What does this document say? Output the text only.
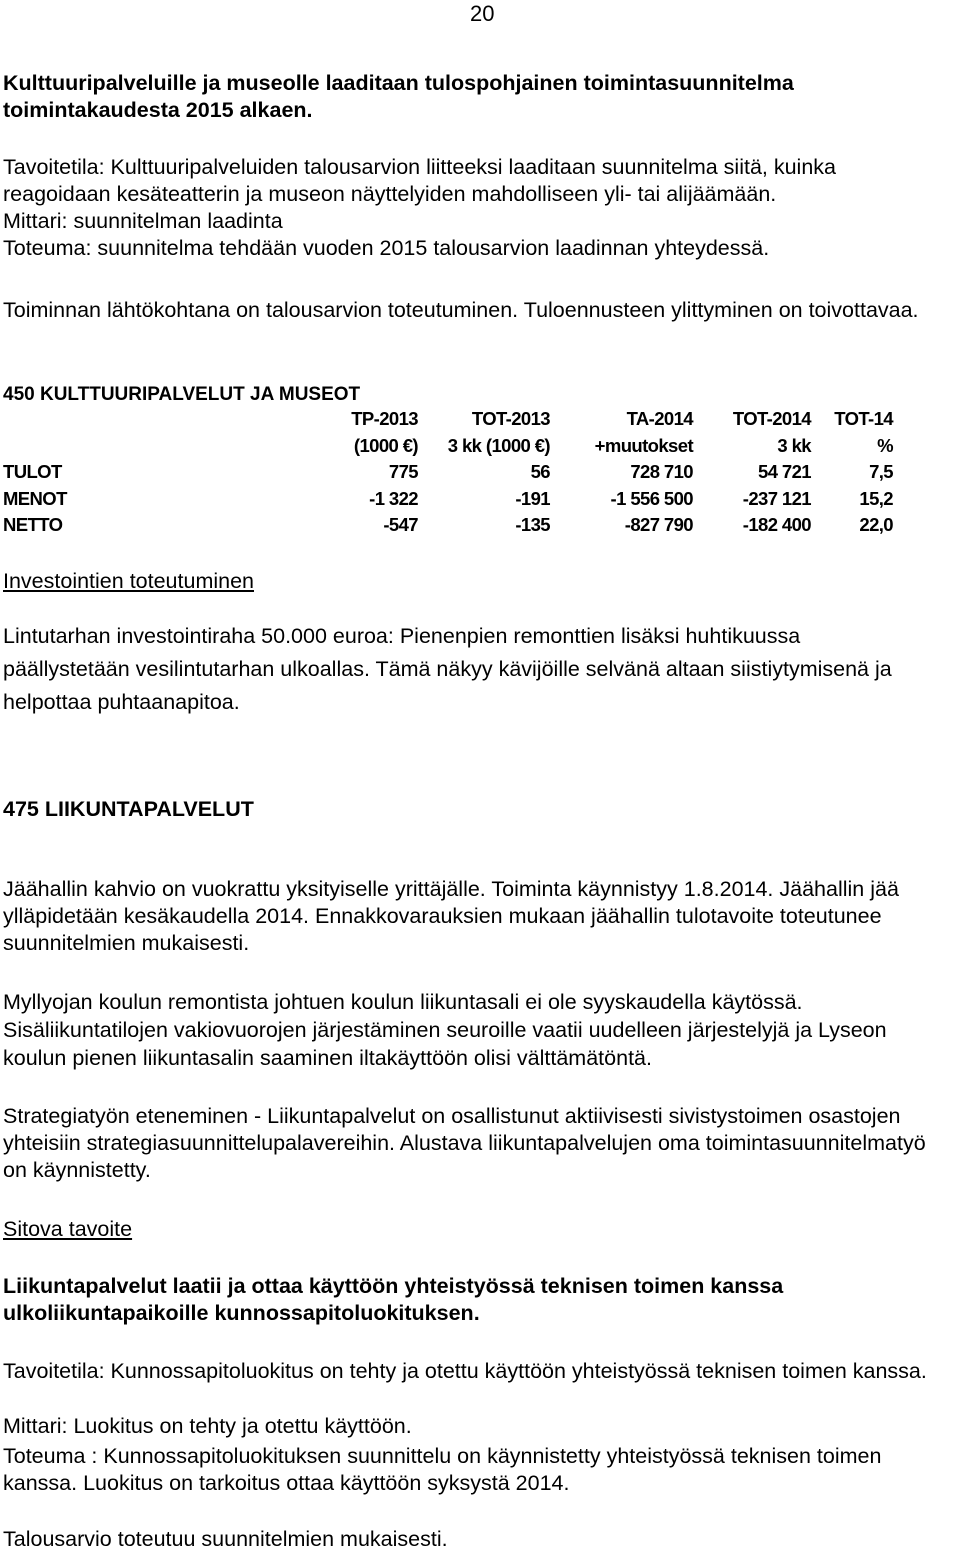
20

Kulttuuripalveluille ja museolle laaditaan tulospohjainen toimintasuunnitelma toimintakaudesta 2015 alkaen.

Tavoitetila: Kulttuuripalveluiden talousarvion liitteeksi laaditaan suunnitelma siitä, kuinka reagoidaan kesäteatterin ja museon näyttelyiden mahdolliseen yli- tai alijäämään.

Mittari: suunnitelman laadinta

Toteuma: suunnitelma tehdään vuoden 2015 talousarvion laadinnan yhteydessä.

Toiminnan lähtökohtana on talousarvion toteutuminen. Tuloennusteen ylittyminen on toivottavaa.

450 KULTTUURIPALVELUT JA MUSEOT
	TP-2013	TOT-2013	TA-2014	TOT-2014	TOT-14
	(1000 €)	3 kk (1000 €)	+muutokset	3 kk	%
TULOT	775	56	728 710	54 721	7,5
MENOT	-1 322	-191	-1 556 500	-237 121	15,2
NETTO	-547	-135	-827 790	-182 400	22,0

Investointien toteutuminen

Lintutarhan investointiraha 50.000 euroa: Pienenpien remonttien lisäksi huhtikuussa päällystetään vesilintutarhan ulkoallas. Tämä näkyy kävijöille selvänä altaan siistiytymisenä ja helpottaa puhtaanapitoa.

475 LIIKUNTAPALVELUT

Jäähallin kahvio on vuokrattu yksityiselle yrittäjälle. Toiminta käynnistyy 1.8.2014. Jäähallin jää ylläpidetään kesäkaudella 2014. Ennakkovarauksien mukaan jäähallin tulotavoite toteutunee suunnitelmien mukaisesti.

Myllyojan koulun remontista johtuen koulun liikuntasali ei ole syyskaudella käytössä. Sisäliikuntatilojen vakiovuorojen järjestäminen seuroille vaatii uudelleen järjestelyjä ja Lyseon koulun pienen liikuntasalin saaminen iltakäyttöön olisi välttämätöntä.

Strategiatyön eteneminen - Liikuntapalvelut on osallistunut aktiivisesti sivistystoimen osastojen yhteisiin strategiasuunnittelupalavereihin. Alustava liikuntapalvelujen oma toimintasuunnitelmatyö on käynnistetty.

Sitova tavoite

Liikuntapalvelut laatii ja ottaa käyttöön yhteistyössä teknisen toimen kanssa ulkoliikuntapaikoille kunnossapitoluokituksen.

Tavoitetila: Kunnossapitoluokitus on tehty ja otettu käyttöön yhteistyössä teknisen toimen kanssa.

Mittari: Luokitus on tehty ja otettu käyttöön.

Toteuma : Kunnossapitoluokituksen suunnittelu on käynnistetty yhteistyössä teknisen toimen kanssa. Luokitus on tarkoitus ottaa käyttöön syksystä 2014.

Talousarvio toteutuu suunnitelmien mukaisesti.
